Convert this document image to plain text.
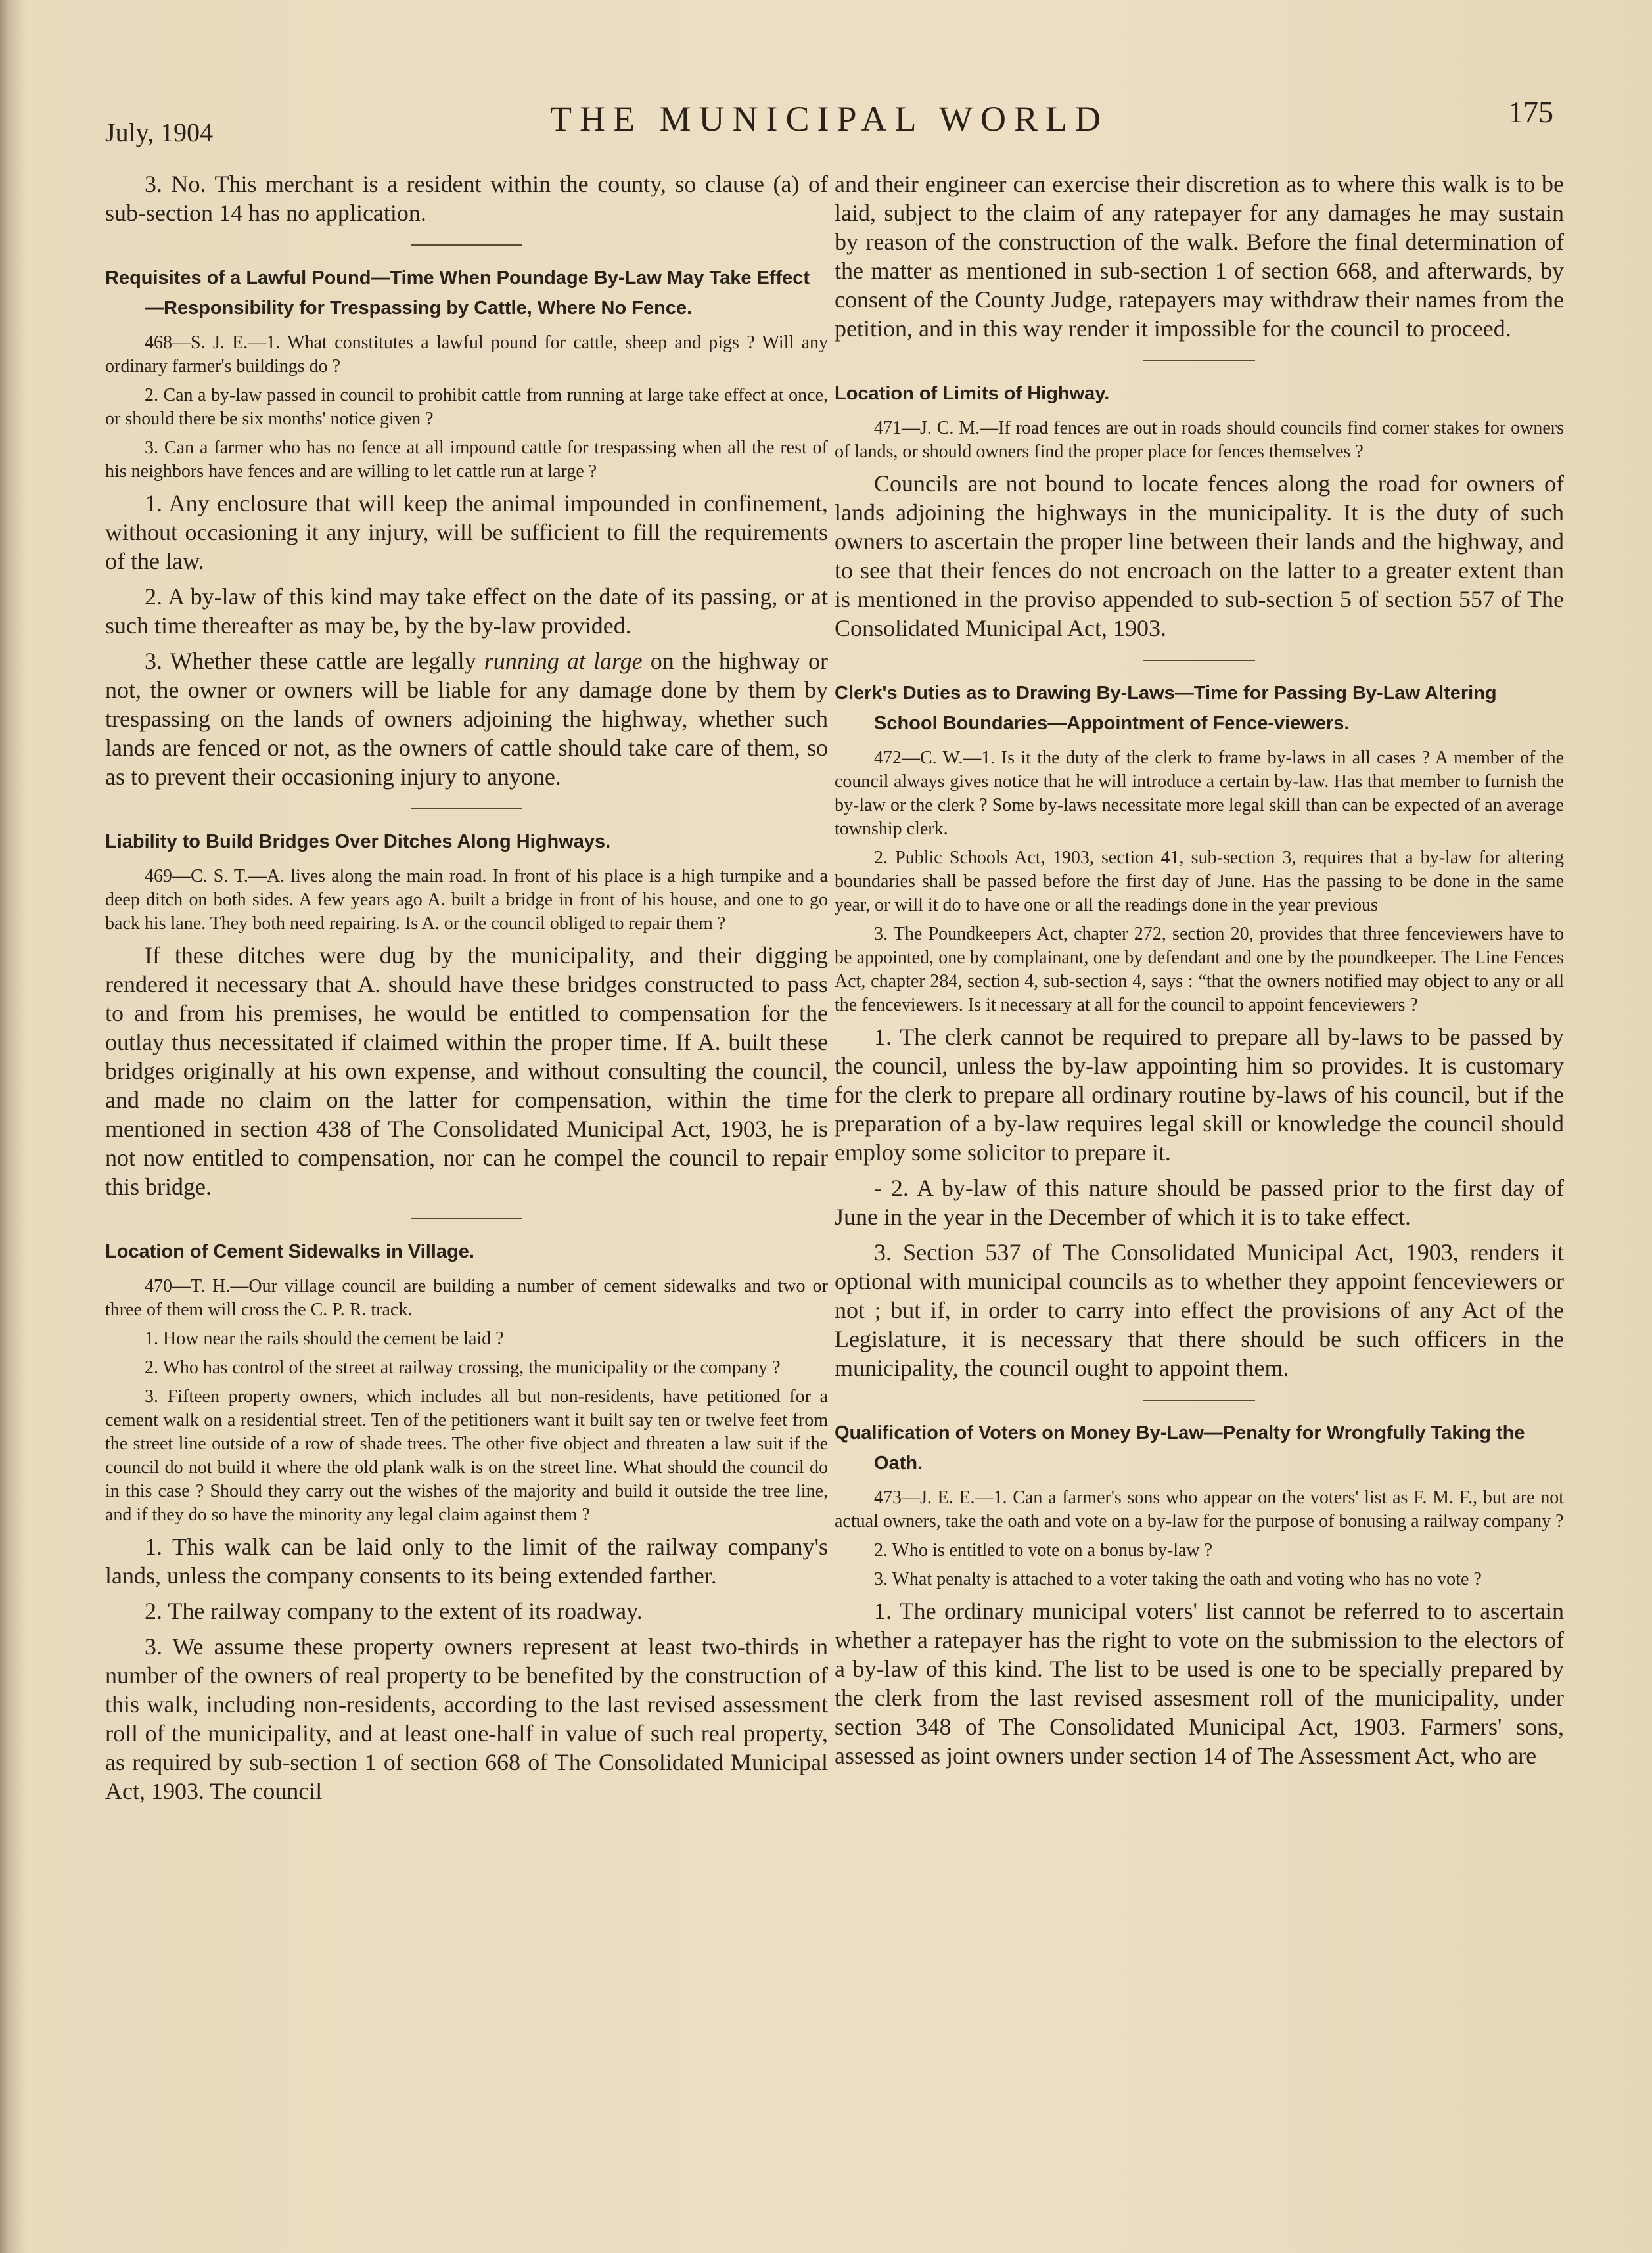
July, 1904	THE MUNICIPAL WORLD	175

3. No. This merchant is a resident within the county, so clause (a) of sub-section 14 has no application.

Requisites of a Lawful Pound—Time When Poundage By-Law May Take Effect—Responsibility for Trespassing by Cattle, Where No Fence.

468—S. J. E.—1. What constitutes a lawful pound for cattle, sheep and pigs ? Will any ordinary farmer's buildings do ?

2. Can a by-law passed in council to prohibit cattle from running at large take effect at once, or should there be six months' notice given ?

3. Can a farmer who has no fence at all impound cattle for trespassing when all the rest of his neighbors have fences and are willing to let cattle run at large ?

1. Any enclosure that will keep the animal impounded in confinement, without occasioning it any injury, will be sufficient to fill the requirements of the law.

2. A by-law of this kind may take effect on the date of its passing, or at such time thereafter as may be, by the by-law provided.

3. Whether these cattle are legally running at large on the highway or not, the owner or owners will be liable for any damage done by them by trespassing on the lands of owners adjoining the highway, whether such lands are fenced or not, as the owners of cattle should take care of them, so as to prevent their occasioning injury to anyone.

Liability to Build Bridges Over Ditches Along Highways.

469—C. S. T.—A. lives along the main road. In front of his place is a high turnpike and a deep ditch on both sides. A few years ago A. built a bridge in front of his house, and one to go back his lane. They both need repairing. Is A. or the council obliged to repair them ?

If these ditches were dug by the municipality, and their digging rendered it necessary that A. should have these bridges constructed to pass to and from his premises, he would be entitled to compensation for the outlay thus necessitated if claimed within the proper time. If A. built these bridges originally at his own expense, and without consulting the council, and made no claim on the latter for compensation, within the time mentioned in section 438 of The Consolidated Municipal Act, 1903, he is not now entitled to compensation, nor can he compel the council to repair this bridge.

Location of Cement Sidewalks in Village.

470—T. H.—Our village council are building a number of cement sidewalks and two or three of them will cross the C. P. R. track.

1. How near the rails should the cement be laid ?

2. Who has control of the street at railway crossing, the municipality or the company ?

3. Fifteen property owners, which includes all but non-residents, have petitioned for a cement walk on a residential street. Ten of the petitioners want it built say ten or twelve feet from the street line outside of a row of shade trees. The other five object and threaten a law suit if the council do not build it where the old plank walk is on the street line. What should the council do in this case ? Should they carry out the wishes of the majority and build it outside the tree line, and if they do so have the minority any legal claim against them ?

1. This walk can be laid only to the limit of the railway company's lands, unless the company consents to its being extended farther.

2. The railway company to the extent of its roadway.

3. We assume these property owners represent at least two-thirds in number of the owners of real property to be benefited by the construction of this walk, including non-residents, according to the last revised assessment roll of the municipality, and at least one-half in value of such real property, as required by sub-section 1 of section 668 of The Consolidated Municipal Act, 1903. The council

and their engineer can exercise their discretion as to where this walk is to be laid, subject to the claim of any ratepayer for any damages he may sustain by reason of the construction of the walk. Before the final determination of the matter as mentioned in sub-section 1 of section 668, and afterwards, by consent of the County Judge, ratepayers may withdraw their names from the petition, and in this way render it impossible for the council to proceed.

Location of Limits of Highway.

471—J. C. M.—If road fences are out in roads should councils find corner stakes for owners of lands, or should owners find the proper place for fences themselves ?

Councils are not bound to locate fences along the road for owners of lands adjoining the highways in the municipality. It is the duty of such owners to ascertain the proper line between their lands and the highway, and to see that their fences do not encroach on the latter to a greater extent than is mentioned in the proviso appended to sub-section 5 of section 557 of The Consolidated Municipal Act, 1903.

Clerk's Duties as to Drawing By-Laws—Time for Passing By-Law Altering School Boundaries—Appointment of Fence-viewers.

472—C. W.—1. Is it the duty of the clerk to frame by-laws in all cases ? A member of the council always gives notice that he will introduce a certain by-law. Has that member to furnish the by-law or the clerk ? Some by-laws necessitate more legal skill than can be expected of an average township clerk.

2. Public Schools Act, 1903, section 41, sub-section 3, requires that a by-law for altering boundaries shall be passed before the first day of June. Has the passing to be done in the same year, or will it do to have one or all the readings done in the year previous

3. The Poundkeepers Act, chapter 272, section 20, provides that three fenceviewers have to be appointed, one by complainant, one by defendant and one by the poundkeeper. The Line Fences Act, chapter 284, section 4, sub-section 4, says : “that the owners notified may object to any or all the fenceviewers. Is it necessary at all for the council to appoint fenceviewers ?

1. The clerk cannot be required to prepare all by-laws to be passed by the council, unless the by-law appointing him so provides. It is customary for the clerk to prepare all ordinary routine by-laws of his council, but if the preparation of a by-law requires legal skill or knowledge the council should employ some solicitor to prepare it.

- 2. A by-law of this nature should be passed prior to the first day of June in the year in the December of which it is to take effect.

3. Section 537 of The Consolidated Municipal Act, 1903, renders it optional with municipal councils as to whether they appoint fenceviewers or not ; but if, in order to carry into effect the provisions of any Act of the Legislature, it is necessary that there should be such officers in the municipality, the council ought to appoint them.

Qualification of Voters on Money By-Law—Penalty for Wrongfully Taking the Oath.

473—J. E. E.—1. Can a farmer's sons who appear on the voters' list as F. M. F., but are not actual owners, take the oath and vote on a by-law for the purpose of bonusing a railway company ?

2. Who is entitled to vote on a bonus by-law ?

3. What penalty is attached to a voter taking the oath and voting who has no vote ?

1. The ordinary municipal voters' list cannot be referred to to ascertain whether a ratepayer has the right to vote on the submission to the electors of a by-law of this kind. The list to be used is one to be specially prepared by the clerk from the last revised assesment roll of the municipality, under section 348 of The Consolidated Municipal Act, 1903. Farmers' sons, assessed as joint owners under section 14 of The Assessment Act, who are
